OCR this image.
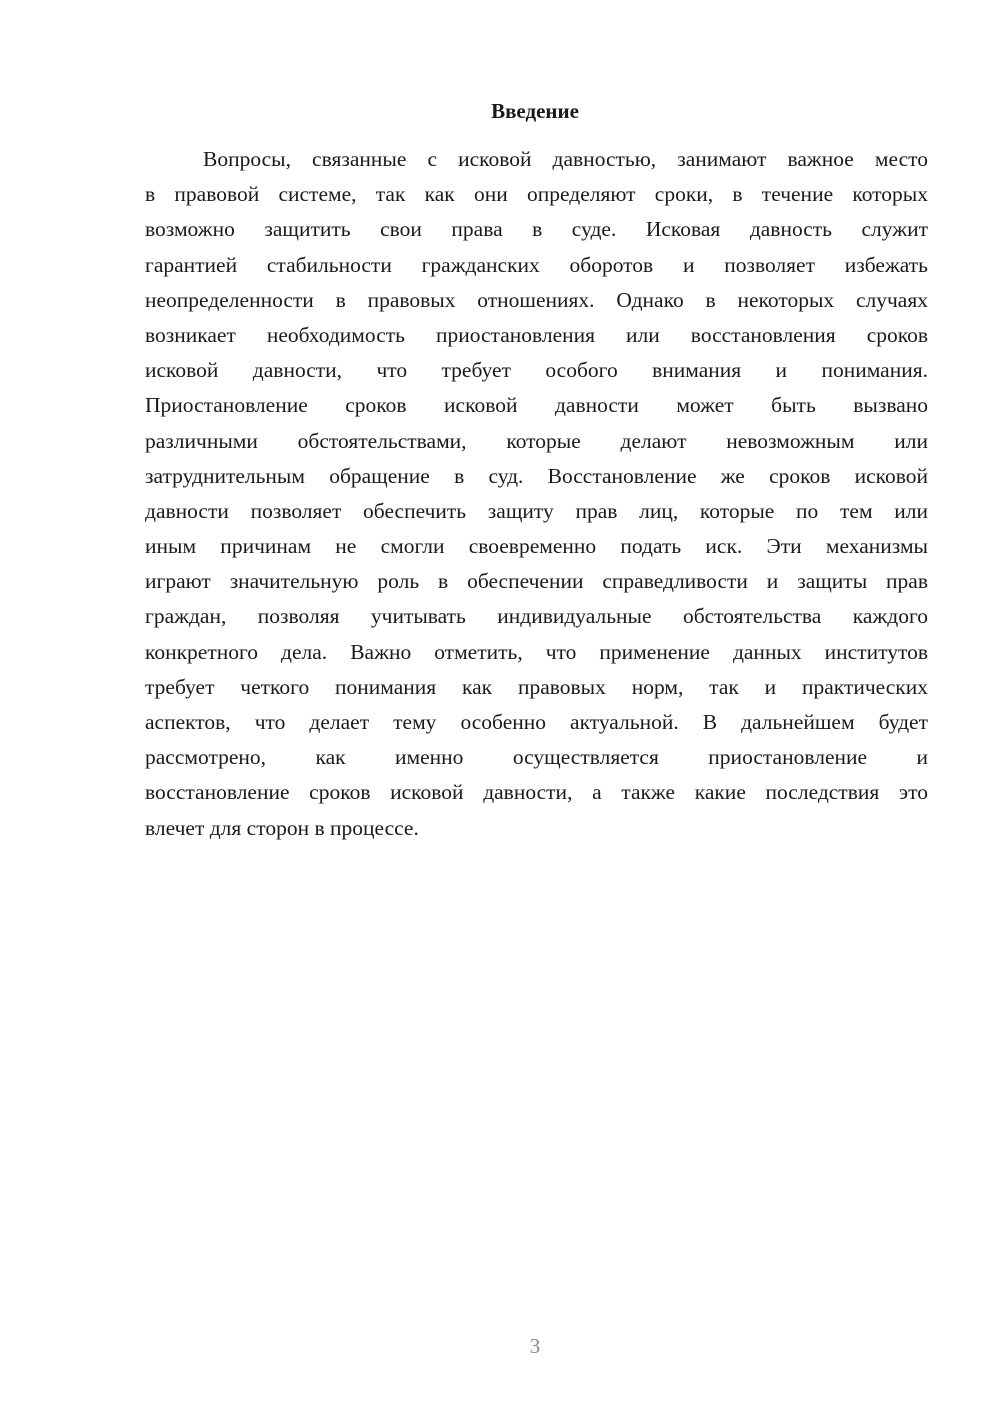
Введение
Вопросы, связанные с исковой давностью, занимают важное место
в правовой системе, так как они определяют сроки, в течение которых
возможно защитить свои права в суде. Исковая давность служит
гарантией стабильности гражданских оборотов и позволяет избежать
неопределенности в правовых отношениях. Однако в некоторых случаях
возникает необходимость приостановления или восстановления сроков
исковой давности, что требует особого внимания и понимания.
Приостановление сроков исковой давности может быть вызвано
различными обстоятельствами, которые делают невозможным или
затруднительным обращение в суд. Восстановление же сроков исковой
давности позволяет обеспечить защиту прав лиц, которые по тем или
иным причинам не смогли своевременно подать иск. Эти механизмы
играют значительную роль в обеспечении справедливости и защиты прав
граждан, позволяя учитывать индивидуальные обстоятельства каждого
конкретного дела. Важно отметить, что применение данных институтов
требует четкого понимания как правовых норм, так и практических
аспектов, что делает тему особенно актуальной. В дальнейшем будет
рассмотрено, как именно осуществляется приостановление и
восстановление сроков исковой давности, а также какие последствия это
влечет для сторон в процессе.
3
